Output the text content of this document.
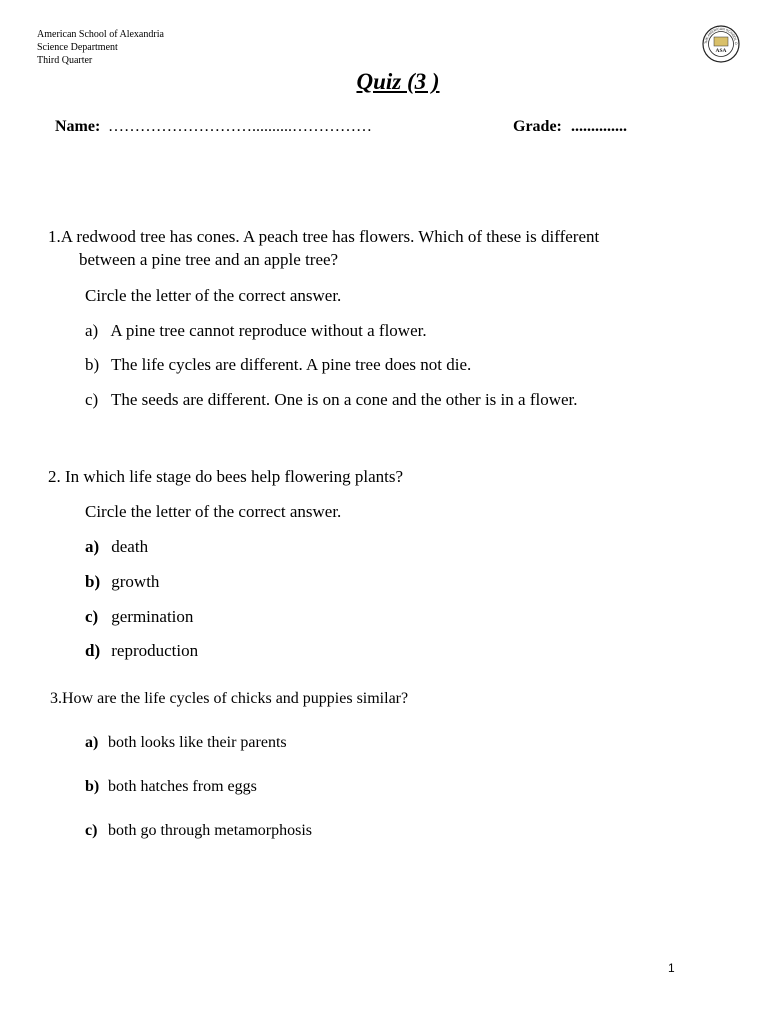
American School of Alexandria
Science Department
Third Quarter
THE AMERICAN SCHOOL O
ASA
Quiz (3 )
Name: ………………………..........……………	Grade: ..............
1.A redwood tree has cones. A peach tree has flowers. Which of these is different
between a pine tree and an apple tree?
Circle the letter of the correct answer.
a) A pine tree cannot reproduce without a flower.
b) The life cycles are different. A pine tree does not die.
c) The seeds are different. One is on a cone and the other is in a flower.
2. In which life stage do bees help flowering plants?
Circle the letter of the correct answer.
a) death
b) growth
c) germination
d) reproduction
3.How are the life cycles of chicks and puppies similar?
a) both looks like their parents
b) both hatches from eggs
c) both go through metamorphosis
1
